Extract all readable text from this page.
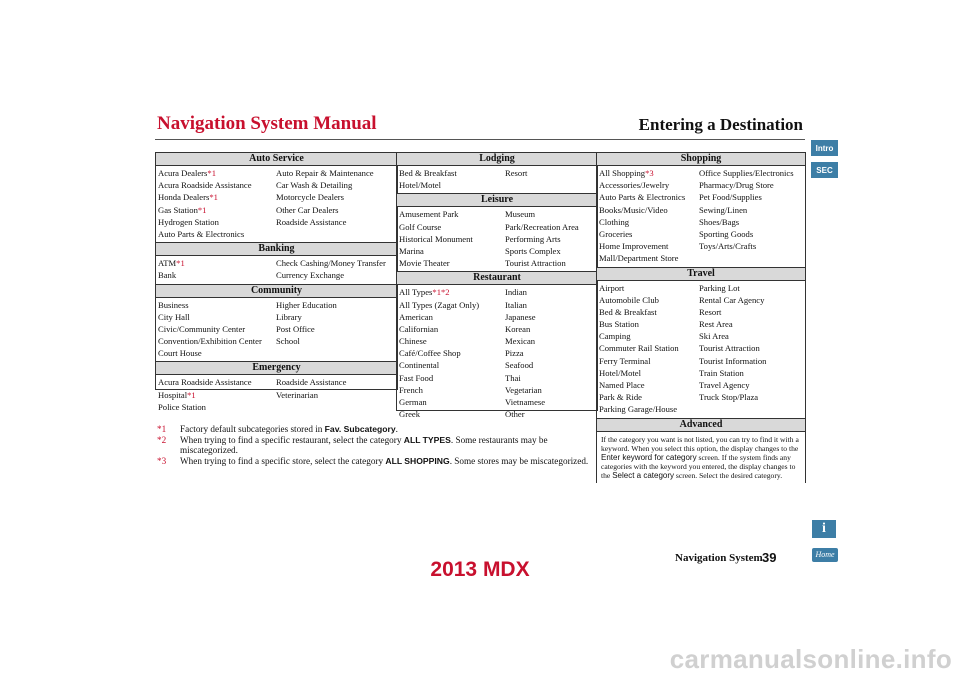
Navigation System Manual	Entering a Destination
Intro
SEC
Auto Service
Acura Dealers*1	Auto Repair & Maintenance
Acura Roadside Assistance	Car Wash & Detailing
Honda Dealers*1	Motorcycle Dealers
Gas Station*1	Other Car Dealers
Hydrogen Station	Roadside Assistance
Auto Parts & Electronics
Banking
ATM*1	Check Cashing/Money Transfer
Bank	Currency Exchange
Community
Business	Higher Education
City Hall	Library
Civic/Community Center	Post Office
Convention/Exhibition Center	School
Court House
Emergency
Acura Roadside Assistance	Roadside Assistance
Hospital*1	Veterinarian
Police Station
Lodging
Bed & Breakfast	Resort
Hotel/Motel
Leisure
Amusement Park	Museum
Golf Course	Park/Recreation Area
Historical Monument	Performing Arts
Marina	Sports Complex
Movie Theater	Tourist Attraction
Restaurant
All Types*1*2	Indian
All Types (Zagat Only)	Italian
American	Japanese
Californian	Korean
Chinese	Mexican
Café/Coffee Shop	Pizza
Continental	Seafood
Fast Food	Thai
French	Vegetarian
German	Vietnamese
Greek	Other
Shopping
All Shopping*3	Office Supplies/Electronics
Accessories/Jewelry	Pharmacy/Drug Store
Auto Parts & Electronics	Pet Food/Supplies
Books/Music/Video	Sewing/Linen
Clothing	Shoes/Bags
Groceries	Sporting Goods
Home Improvement	Toys/Arts/Crafts
Mall/Department Store
Travel
Airport	Parking Lot
Automobile Club	Rental Car Agency
Bed & Breakfast	Resort
Bus Station	Rest Area
Camping	Ski Area
Commuter Rail Station	Tourist Attraction
Ferry Terminal	Tourist Information
Hotel/Motel	Train Station
Named Place	Travel Agency
Park & Ride	Truck Stop/Plaza
Parking Garage/House
Advanced
If the category you want is not listed, you can try to find it with a keyword. When you select this option, the display changes to the Enter keyword for category screen. If the system finds any categories with the keyword you entered, the display changes to the Select a category screen. Select the desired category.
*1	Factory default subcategories stored in Fav. Subcategory.
*2	When trying to find a specific restaurant, select the category ALL TYPES. Some restaurants may be miscategorized.
*3	When trying to find a specific store, select the category ALL SHOPPING. Some stores may be miscategorized.
i
Navigation System 39	Home
2013 MDX
carmanualsonline.info
